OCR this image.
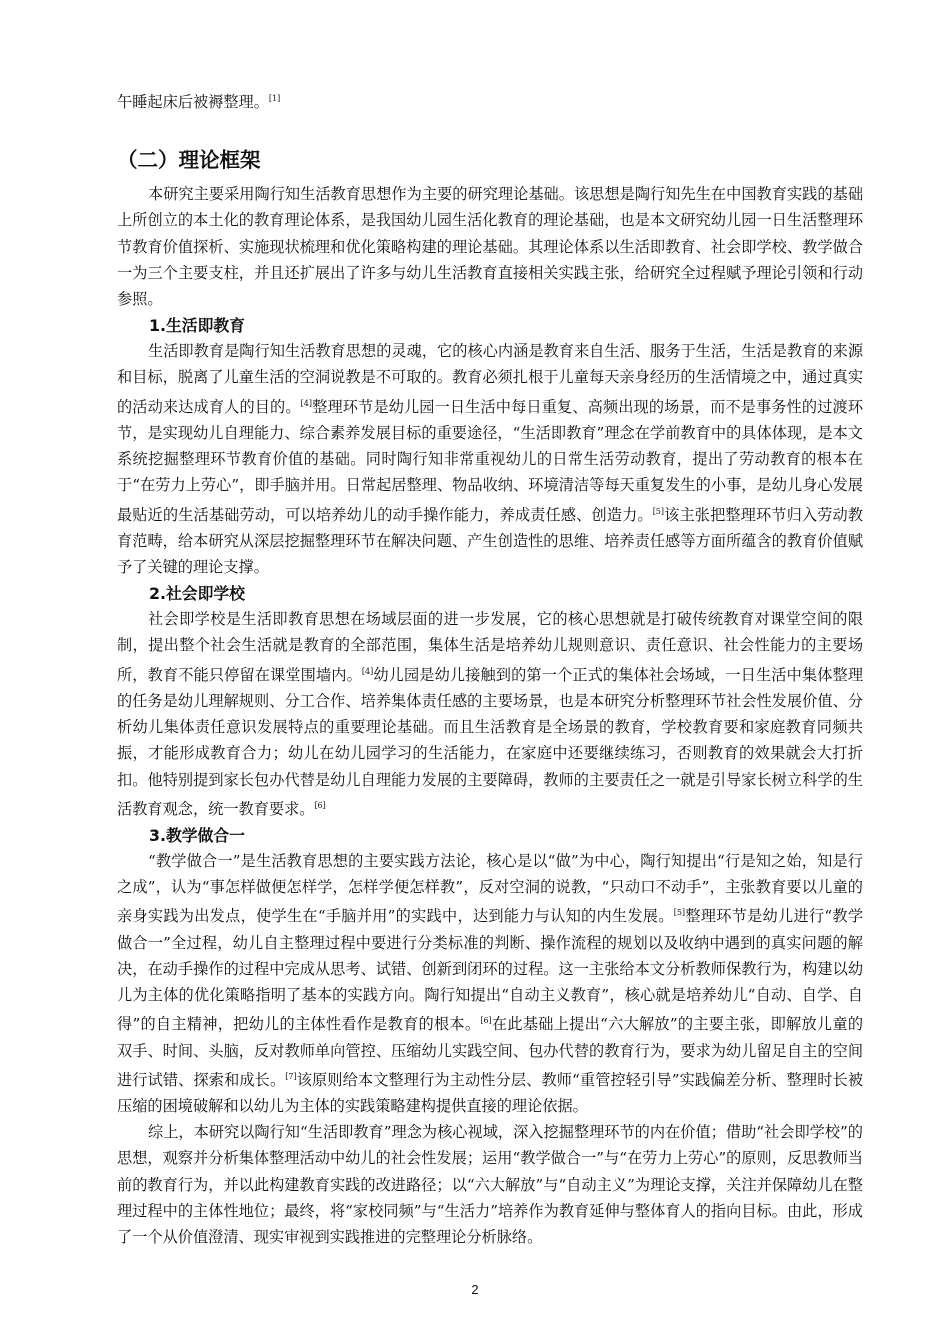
午睡起床后被褥整理。[1]

（二）理论框架

本研究主要采用陶行知生活教育思想作为主要的研究理论基础。该思想是陶行知先生在中国教育实践的基础上所创立的本土化的教育理论体系，是我国幼儿园生活化教育的理论基础，也是本文研究幼儿园一日生活整理环节教育价值探析、实施现状梳理和优化策略构建的理论基础。其理论体系以生活即教育、社会即学校、教学做合一为三个主要支柱，并且还扩展出了许多与幼儿生活教育直接相关实践主张，给研究全过程赋予理论引领和行动参照。

1.生活即教育

生活即教育是陶行知生活教育思想的灵魂，它的核心内涵是教育来自生活、服务于生活，生活是教育的来源和目标，脱离了儿童生活的空洞说教是不可取的。教育必须扎根于儿童每天亲身经历的生活情境之中，通过真实的活动来达成育人的目的。[4]整理环节是幼儿园一日生活中每日重复、高频出现的场景，而不是事务性的过渡环节，是实现幼儿自理能力、综合素养发展目标的重要途径，“生活即教育”理念在学前教育中的具体体现，是本文系统挖掘整理环节教育价值的基础。同时陶行知非常重视幼儿的日常生活劳动教育，提出了劳动教育的根本在于“在劳力上劳心”，即手脑并用。日常起居整理、物品收纳、环境清洁等每天重复发生的小事，是幼儿身心发展最贴近的生活基础劳动，可以培养幼儿的动手操作能力，养成责任感、创造力。[5]该主张把整理环节归入劳动教育范畴，给本研究从深层挖掘整理环节在解决问题、产生创造性的思维、培养责任感等方面所蕴含的教育价值赋予了关键的理论支撑。

2.社会即学校

社会即学校是生活即教育思想在场域层面的进一步发展，它的核心思想就是打破传统教育对课堂空间的限制，提出整个社会生活就是教育的全部范围，集体生活是培养幼儿规则意识、责任意识、社会性能力的主要场所，教育不能只停留在课堂围墙内。[4]幼儿园是幼儿接触到的第一个正式的集体社会场域，一日生活中集体整理的任务是幼儿理解规则、分工合作、培养集体责任感的主要场景，也是本研究分析整理环节社会性发展价值、分析幼儿集体责任意识发展特点的重要理论基础。而且生活教育是全场景的教育，学校教育要和家庭教育同频共振，才能形成教育合力；幼儿在幼儿园学习的生活能力，在家庭中还要继续练习，否则教育的效果就会大打折扣。他特别提到家长包办代替是幼儿自理能力发展的主要障碍，教师的主要责任之一就是引导家长树立科学的生活教育观念，统一教育要求。[6]

3.教学做合一

“教学做合一”是生活教育思想的主要实践方法论，核心是以“做”为中心，陶行知提出“行是知之始，知是行之成”，认为“事怎样做便怎样学，怎样学便怎样教”，反对空洞的说教，“只动口不动手”，主张教育要以儿童的亲身实践为出发点，使学生在“手脑并用”的实践中，达到能力与认知的内生发展。[5]整理环节是幼儿进行“教学做合一”全过程，幼儿自主整理过程中要进行分类标准的判断、操作流程的规划以及收纳中遇到的真实问题的解决，在动手操作的过程中完成从思考、试错、创新到闭环的过程。这一主张给本文分析教师保教行为，构建以幼儿为主体的优化策略指明了基本的实践方向。陶行知提出“自动主义教育”，核心就是培养幼儿“自动、自学、自得”的自主精神，把幼儿的主体性看作是教育的根本。[6]在此基础上提出“六大解放”的主要主张，即解放儿童的双手、时间、头脑，反对教师单向管控、压缩幼儿实践空间、包办代替的教育行为，要求为幼儿留足自主的空间进行试错、探索和成长。[7]该原则给本文整理行为主动性分层、教师“重管控轻引导”实践偏差分析、整理时长被压缩的困境破解和以幼儿为主体的实践策略建构提供直接的理论依据。

综上，本研究以陶行知“生活即教育”理念为核心视域，深入挖掘整理环节的内在价值；借助“社会即学校”的思想，观察并分析集体整理活动中幼儿的社会性发展；运用“教学做合一”与“在劳力上劳心”的原则，反思教师当前的教育行为，并以此构建教育实践的改进路径；以“六大解放”与“自动主义”为理论支撑，关注并保障幼儿在整理过程中的主体性地位；最终，将“家校同频”与“生活力”培养作为教育延伸与整体育人的指向目标。由此，形成了一个从价值澄清、现实审视到实践推进的完整理论分析脉络。

2
